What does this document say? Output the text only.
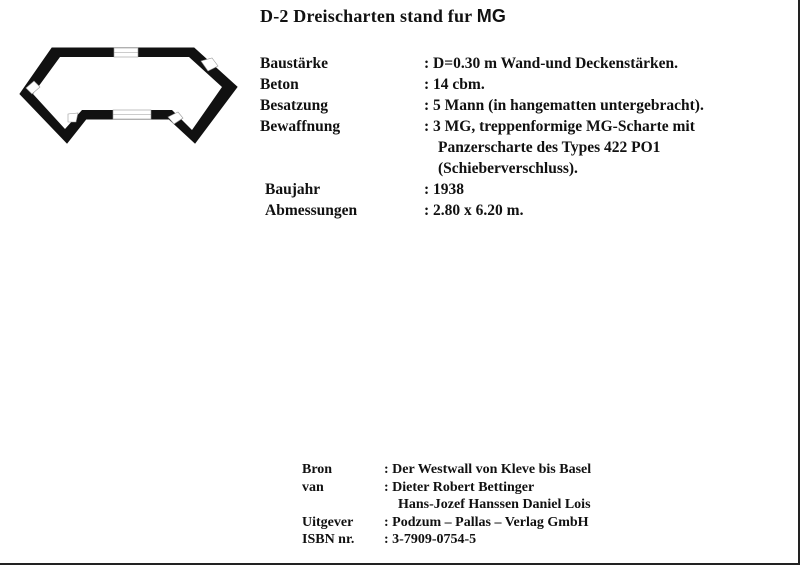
D-2 Dreischarten stand fur MG
Baustärke	: D=0.30 m Wand-und Deckenstärken.
Beton	: 14 cbm.
Besatzung	: 5 Mann (in hangematten untergebracht).
Bewaffnung	: 3 MG, treppenformige MG-Scharte mit
Panzerscharte des Types 422 PO1
(Schieberverschluss).
Baujahr	: 1938
Abmessungen	: 2.80 x 6.20 m.
Bron	: Der Westwall von Kleve bis Basel
van	: Dieter Robert Bettinger
Hans-Jozef Hanssen Daniel Lois
Uitgever : Podzum – Pallas – Verlag GmbH
ISBN nr. : 3-7909-0754-5
